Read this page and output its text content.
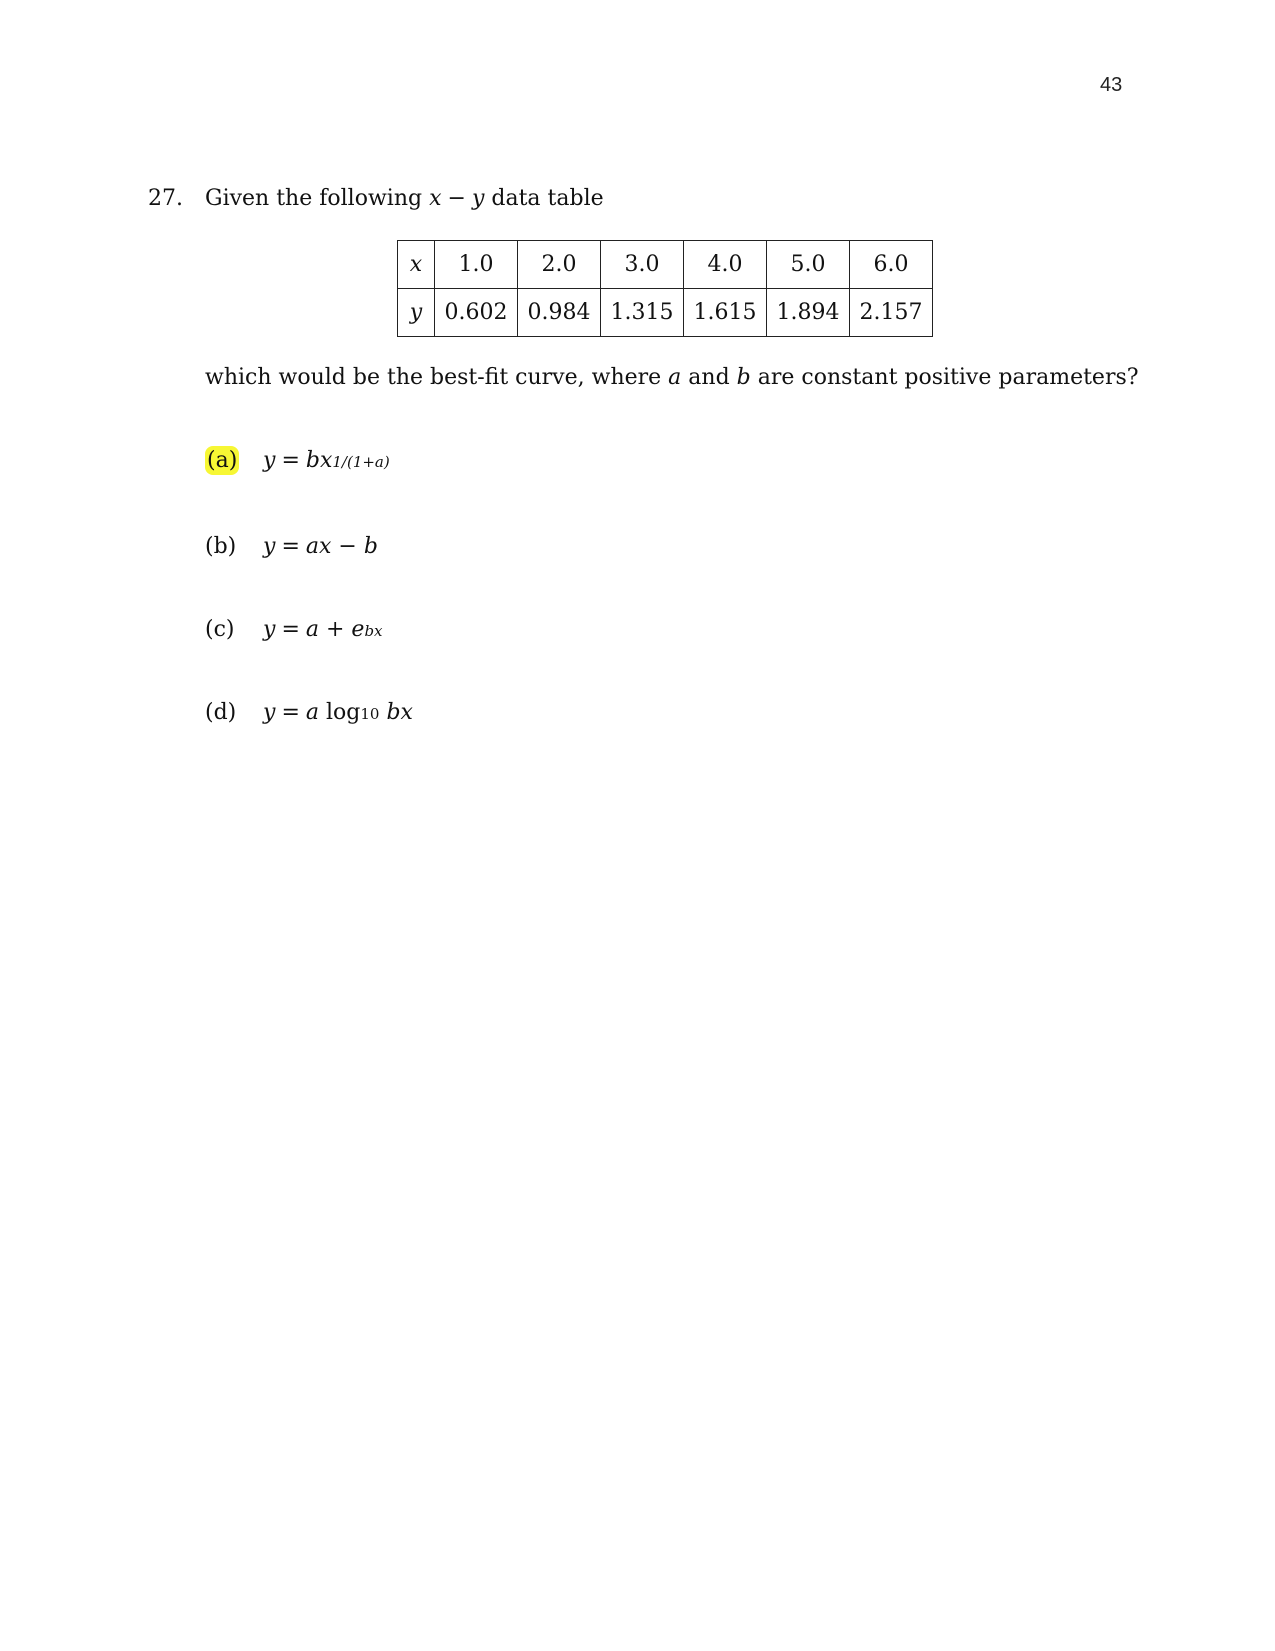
43
27. Given the following x − y data table
x	1.0	2.0	3.0	4.0	5.0	6.0
y	0.602	0.984	1.315	1.615	1.894	2.157
which would be the best-fit curve, where a and b are constant positive parameters?
(a)	y = bx 1/(1+a)
(b)	y = ax − b
(c)	y = a + e bx
(d)	y = a
log 10
bx
